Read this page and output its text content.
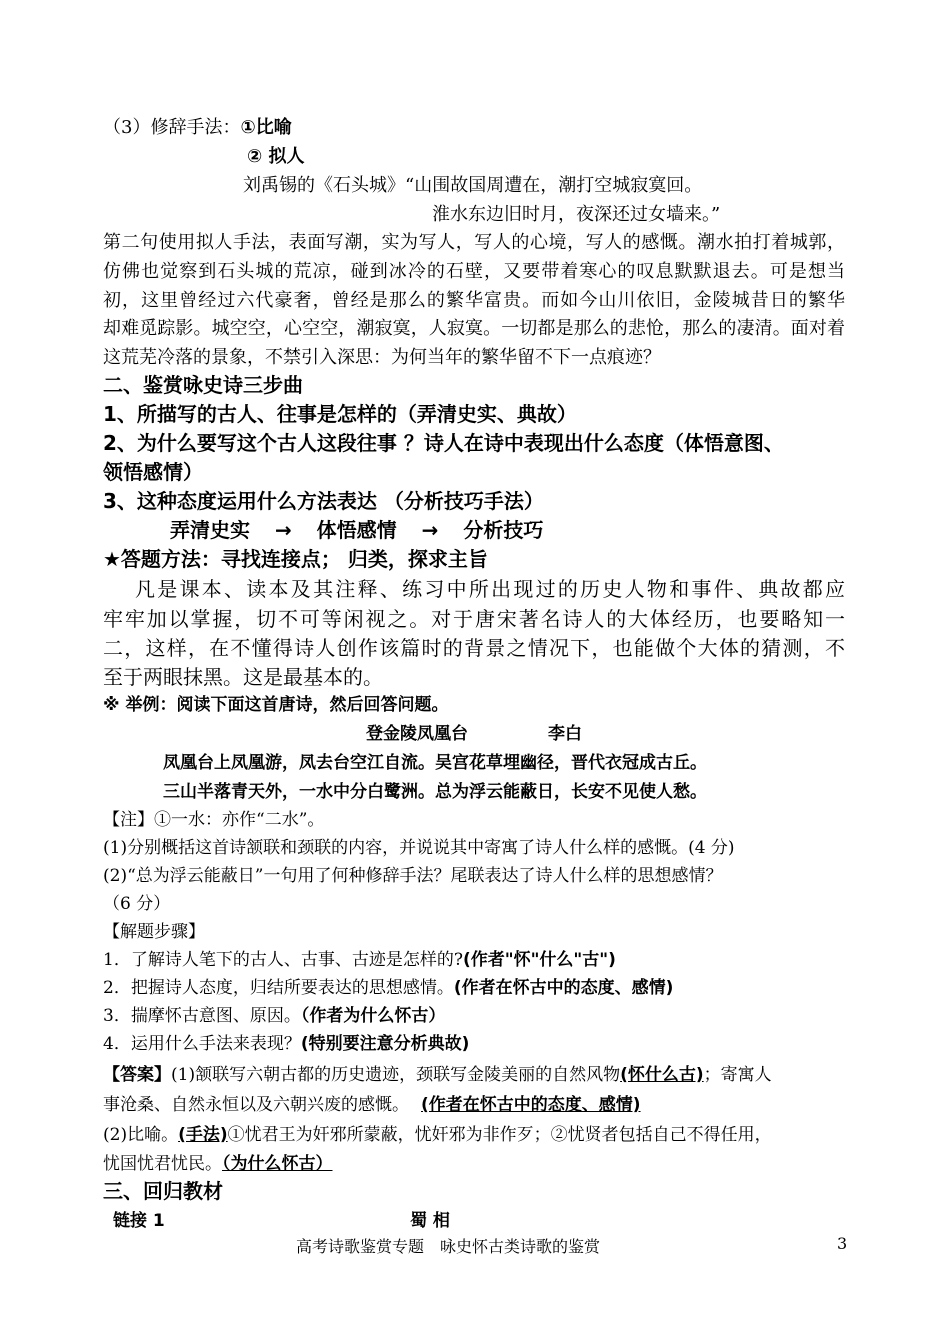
（3）修辞手法：①比喻
② 拟人
刘禹锡的《石头城》“山围故国周遭在，潮打空城寂寞回。
淮水东边旧时月，夜深还过女墙来。”
第二句使用拟人手法，表面写潮，实为写人，写人的心境，写人的感慨。潮水拍打着城郭，
仿佛也觉察到石头城的荒凉，碰到冰冷的石壁，又要带着寒心的叹息默默退去。可是想当
初，这里曾经过六代豪奢，曾经是那么的繁华富贵。而如今山川依旧，金陵城昔日的繁华
却难觅踪影。城空空，心空空，潮寂寞，人寂寞。一切都是那么的悲怆，那么的凄清。面对着
这荒芜冷落的景象，不禁引入深思：为何当年的繁华留不下一点痕迹？
二、鉴赏咏史诗三步曲
1、所描写的古人、往事是怎样的（弄清史实、典故）
2、为什么要写这个古人这段往事 ？诗人在诗中表现出什么态度（体悟意图、
领悟感情）
3、这种态度运用什么方法表达 （分析技巧手法）
弄清史实 → 体悟感情 → 分析技巧
★答题方法：寻找连接点； 归类，探求主旨
凡是课本、读本及其注释、练习中所出现过的历史人物和事件、典故都应
牢牢加以掌握，切不可等闲视之。对于唐宋著名诗人的大体经历，也要略知一
二，这样，在不懂得诗人创作该篇时的背景之情况下，也能做个大体的猜测，不
至于两眼抹黑。这是最基本的。
※ 举例：阅读下面这首唐诗，然后回答问题。
登金陵凤凰台	李白
凤凰台上凤凰游，凤去台空江自流。吴宫花草埋幽径，晋代衣冠成古丘。
三山半落青天外，一水中分白鹭洲。总为浮云能蔽日，长安不见使人愁。
【注】①一水：亦作“二水”。
(1)分别概括这首诗颔联和颈联的内容，并说说其中寄寓了诗人什么样的感慨。(4 分)
(2)“总为浮云能蔽日”一句用了何种修辞手法？尾联表达了诗人什么样的思想感情？
（6 分）
【解题步骤】
1．了解诗人笔下的古人、古事、古迹是怎样的?(作者"怀"什么"古")
2．把握诗人态度，归结所要表达的思想感情。(作者在怀古中的态度、感情)
3．揣摩怀古意图、原因。（作者为什么怀古）
4．运用什么手法来表现？(特别要注意分析典故)
【答案】(1)颔联写六朝古都的历史遗迹，颈联写金陵美丽的自然风物(怀什么古)；寄寓人
事沧桑、自然永恒以及六朝兴废的感慨。 (作者在怀古中的态度、感情)
(2)比喻。(手法)①忧君王为奸邪所蒙蔽，忧奸邪为非作歹；②忧贤者包括自己不得任用，
忧国忧君忧民。（为什么怀古）
三、回归教材
链接 1	蜀 相
高考诗歌鉴赏专题　咏史怀古类诗歌的鉴赏	3
